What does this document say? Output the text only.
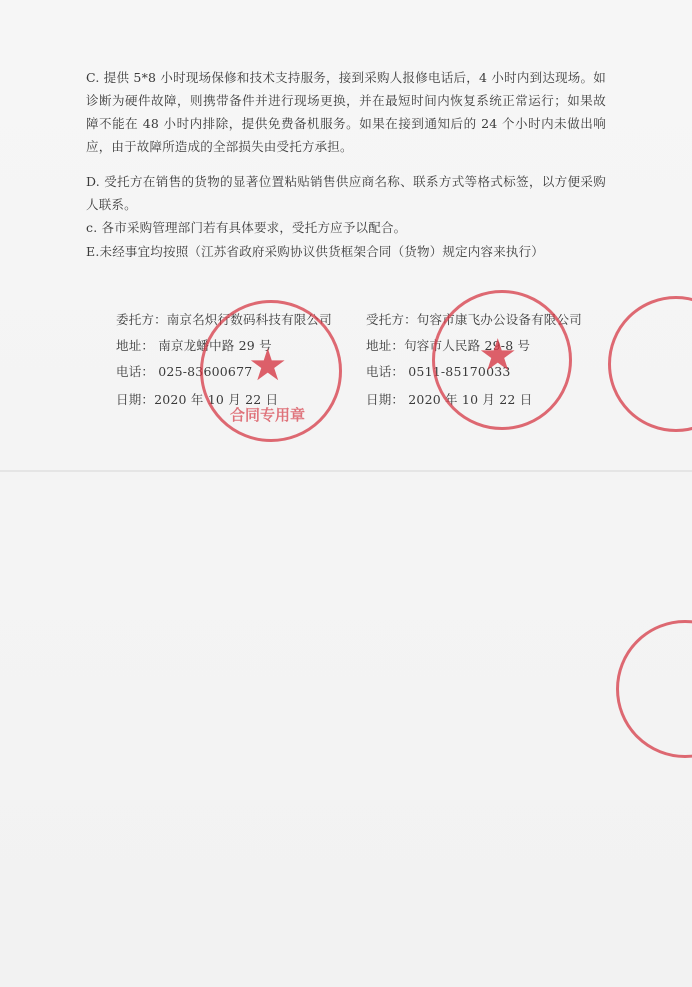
C. 提供 5*8 小时现场保修和技术支持服务，接到采购人报修电话后，4 小时内到达现场。如诊断为硬件故障，则携带备件并进行现场更换，并在最短时间内恢复系统正常运行；如果故障不能在 48 小时内排除，提供免费备机服务。如果在接到通知后的 24 个小时内未做出响应，由于故障所造成的全部损失由受托方承担。
D. 受托方在销售的货物的显著位置粘贴销售供应商名称、联系方式等格式标签，以方便采购人联系。
c. 各市采购管理部门若有具体要求，受托方应予以配合。
E.未经事宜均按照（江苏省政府采购协议供货框架合同（货物）规定内容来执行）
委托方：南京名炽行数码科技有限公司
地址： 南京龙蟠中路 29 号
电话： 025-83600677
日期：2020 年 10 月 22 日
受托方：句容市康飞办公设备有限公司
地址：句容市人民路 29-8 号
电话： 0511-85170033
日期： 2020 年 10 月 22 日
★
合同专用章
★
